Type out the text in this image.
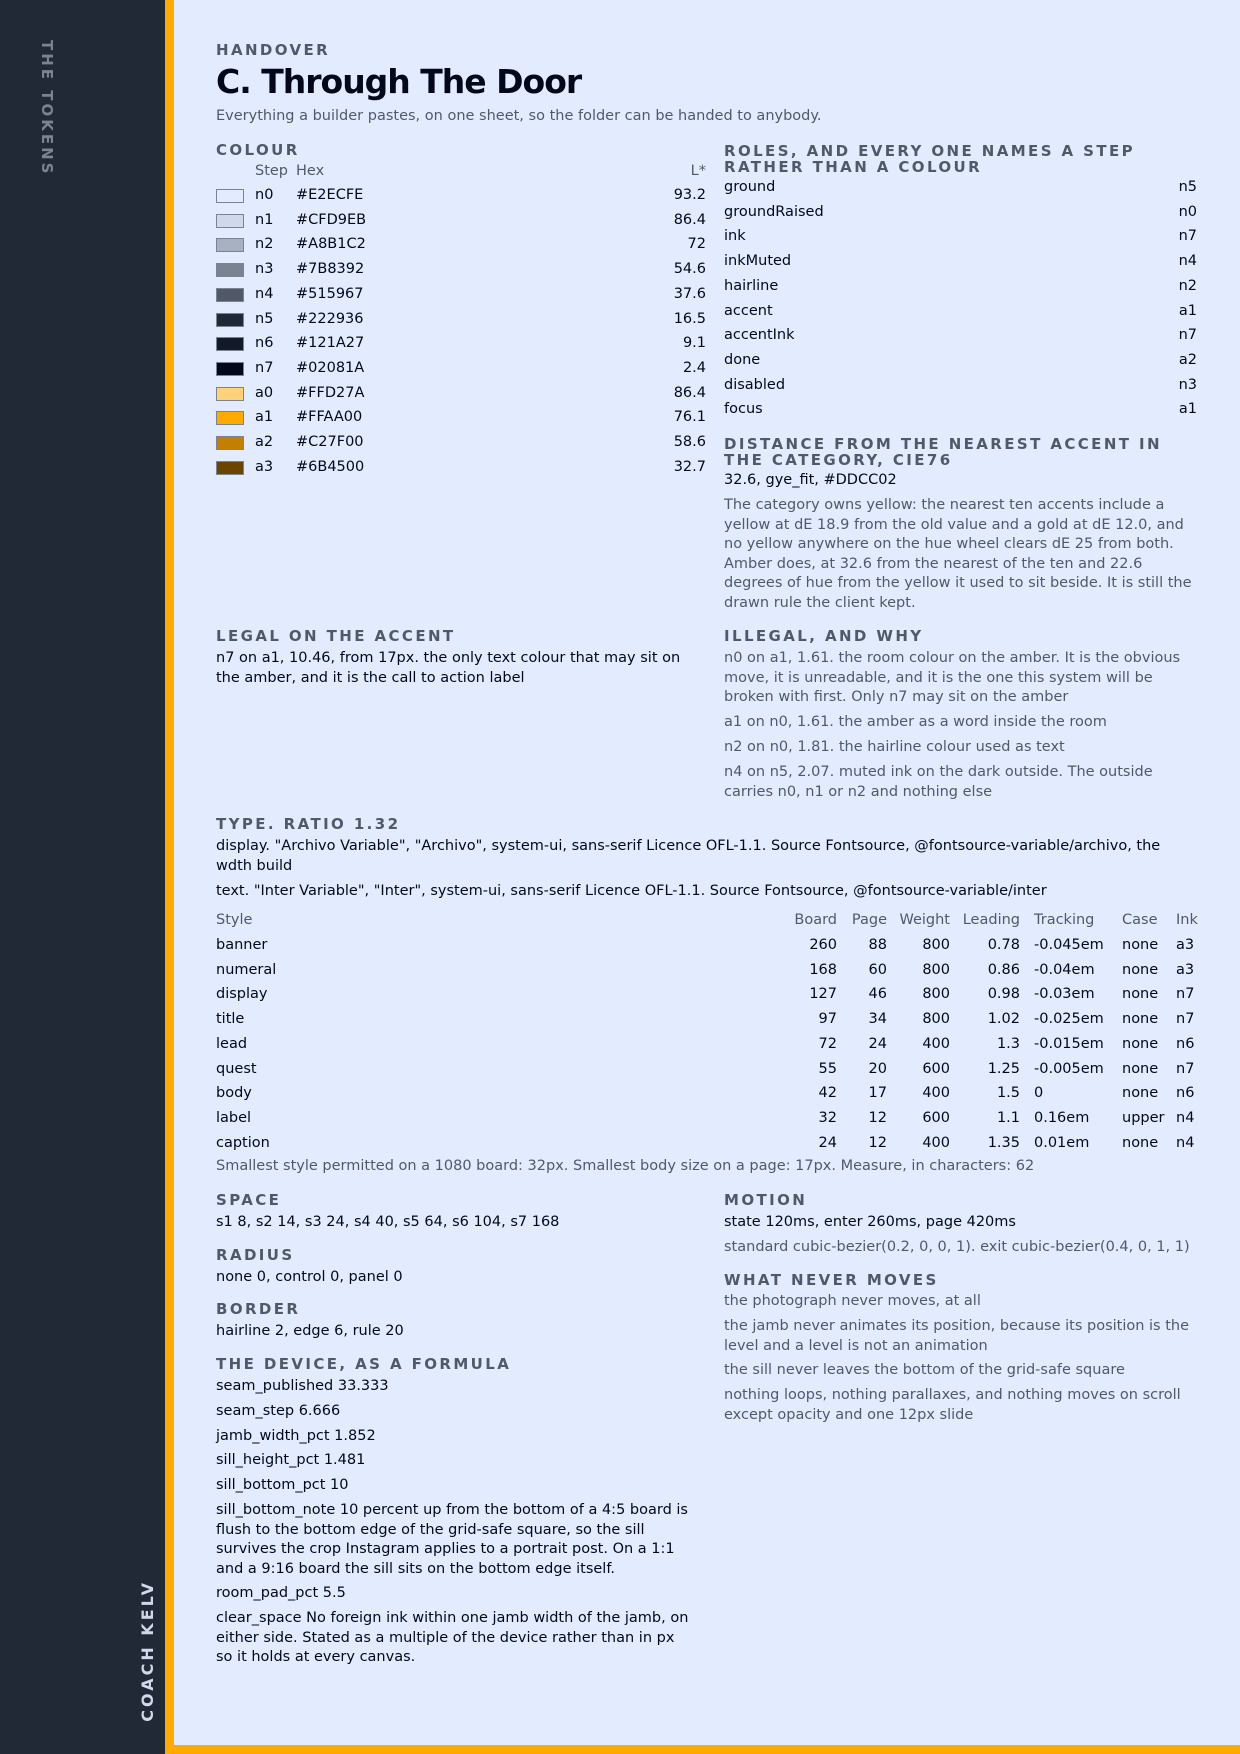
THE TOKENS

COACH KELV

HANDOVER

C. Through The Door

Everything a builder pastes, on one sheet, so the folder can be handed to anybody.

COLOUR

Step Hex	L*
n0 #E2ECFE	93.2
n1 #CFD9EB	86.4
n2 #A8B1C2	72
n3 #7B8392	54.6
n4 #515967	37.6
n5 #222936	16.5
n6 #121A27	9.1
n7 #02081A	2.4
a0 #FFD27A	86.4
a1 #FFAA00	76.1
a2 #C27F00	58.6
a3 #6B4500	32.7

ROLES, AND EVERY ONE NAMES A STEP RATHER THAN A COLOUR

ground	n5
groundRaised	n0
ink	n7
inkMuted	n4
hairline	n2
accent	a1
accentInk	n7
done	a2
disabled	n3
focus	a1

DISTANCE FROM THE NEAREST ACCENT IN THE CATEGORY, CIE76

32.6, gye_fit, #DDCC02

The category owns yellow: the nearest ten accents include a yellow at dE 18.9 from the old value and a gold at dE 12.0, and no yellow anywhere on the hue wheel clears dE 25 from both. Amber does, at 32.6 from the nearest of the ten and 22.6 degrees of hue from the yellow it used to sit beside. It is still the drawn rule the client kept.

LEGAL ON THE ACCENT

n7 on a1, 10.46, from 17px. the only text colour that may sit on the amber, and it is the call to action label

ILLEGAL, AND WHY

n0 on a1, 1.61. the room colour on the amber. It is the obvious move, it is unreadable, and it is the one this system will be broken with first. Only n7 may sit on the amber

a1 on n0, 1.61. the amber as a word inside the room

n2 on n0, 1.81. the hairline colour used as text

n4 on n5, 2.07. muted ink on the dark outside. The outside carries n0, n1 or n2 and nothing else

TYPE. RATIO 1.32

display. "Archivo Variable", "Archivo", system-ui, sans-serif Licence OFL-1.1. Source Fontsource, @fontsource-variable/archivo, the wdth build

text. "Inter Variable", "Inter", system-ui, sans-serif Licence OFL-1.1. Source Fontsource, @fontsource-variable/inter

Style	Board	Page Weight Leading Tracking Case Ink
banner	260	88	800	0.78 -0.045em none a3
numeral	168	60	800	0.86 -0.04em none a3
display	127	46	800	0.98 -0.03em none n7
title	97	34	800	1.02 -0.025em none n7
lead	72	24	400	1.3 -0.015em none n6
quest	55	20	600	1.25 -0.005em none n7
body	42	17	400	1.5 0	none n6
label	32	12	600	1.1 0.16em upper n4
caption	24	12	400	1.35 0.01em none n4

Smallest style permitted on a 1080 board: 32px. Smallest body size on a page: 17px. Measure, in characters: 62

SPACE

s1 8, s2 14, s3 24, s4 40, s5 64, s6 104, s7 168

RADIUS

none 0, control 0, panel 0

BORDER

hairline 2, edge 6, rule 20

THE DEVICE, AS A FORMULA

seam_published 33.333

seam_step 6.666

jamb_width_pct 1.852

sill_height_pct 1.481

sill_bottom_pct 10

sill_bottom_note 10 percent up from the bottom of a 4:5 board is flush to the bottom edge of the grid-safe square, so the sill survives the crop Instagram applies to a portrait post. On a 1:1 and a 9:16 board the sill sits on the bottom edge itself.

room_pad_pct 5.5

clear_space No foreign ink within one jamb width of the jamb, on either side. Stated as a multiple of the device rather than in px so it holds at every canvas.

MOTION

state 120ms, enter 260ms, page 420ms

standard cubic-bezier(0.2, 0, 0, 1). exit cubic-bezier(0.4, 0, 1, 1)

WHAT NEVER MOVES

the photograph never moves, at all

the jamb never animates its position, because its position is the level and a level is not an animation

the sill never leaves the bottom of the grid-safe square

nothing loops, nothing parallaxes, and nothing moves on scroll except opacity and one 12px slide
